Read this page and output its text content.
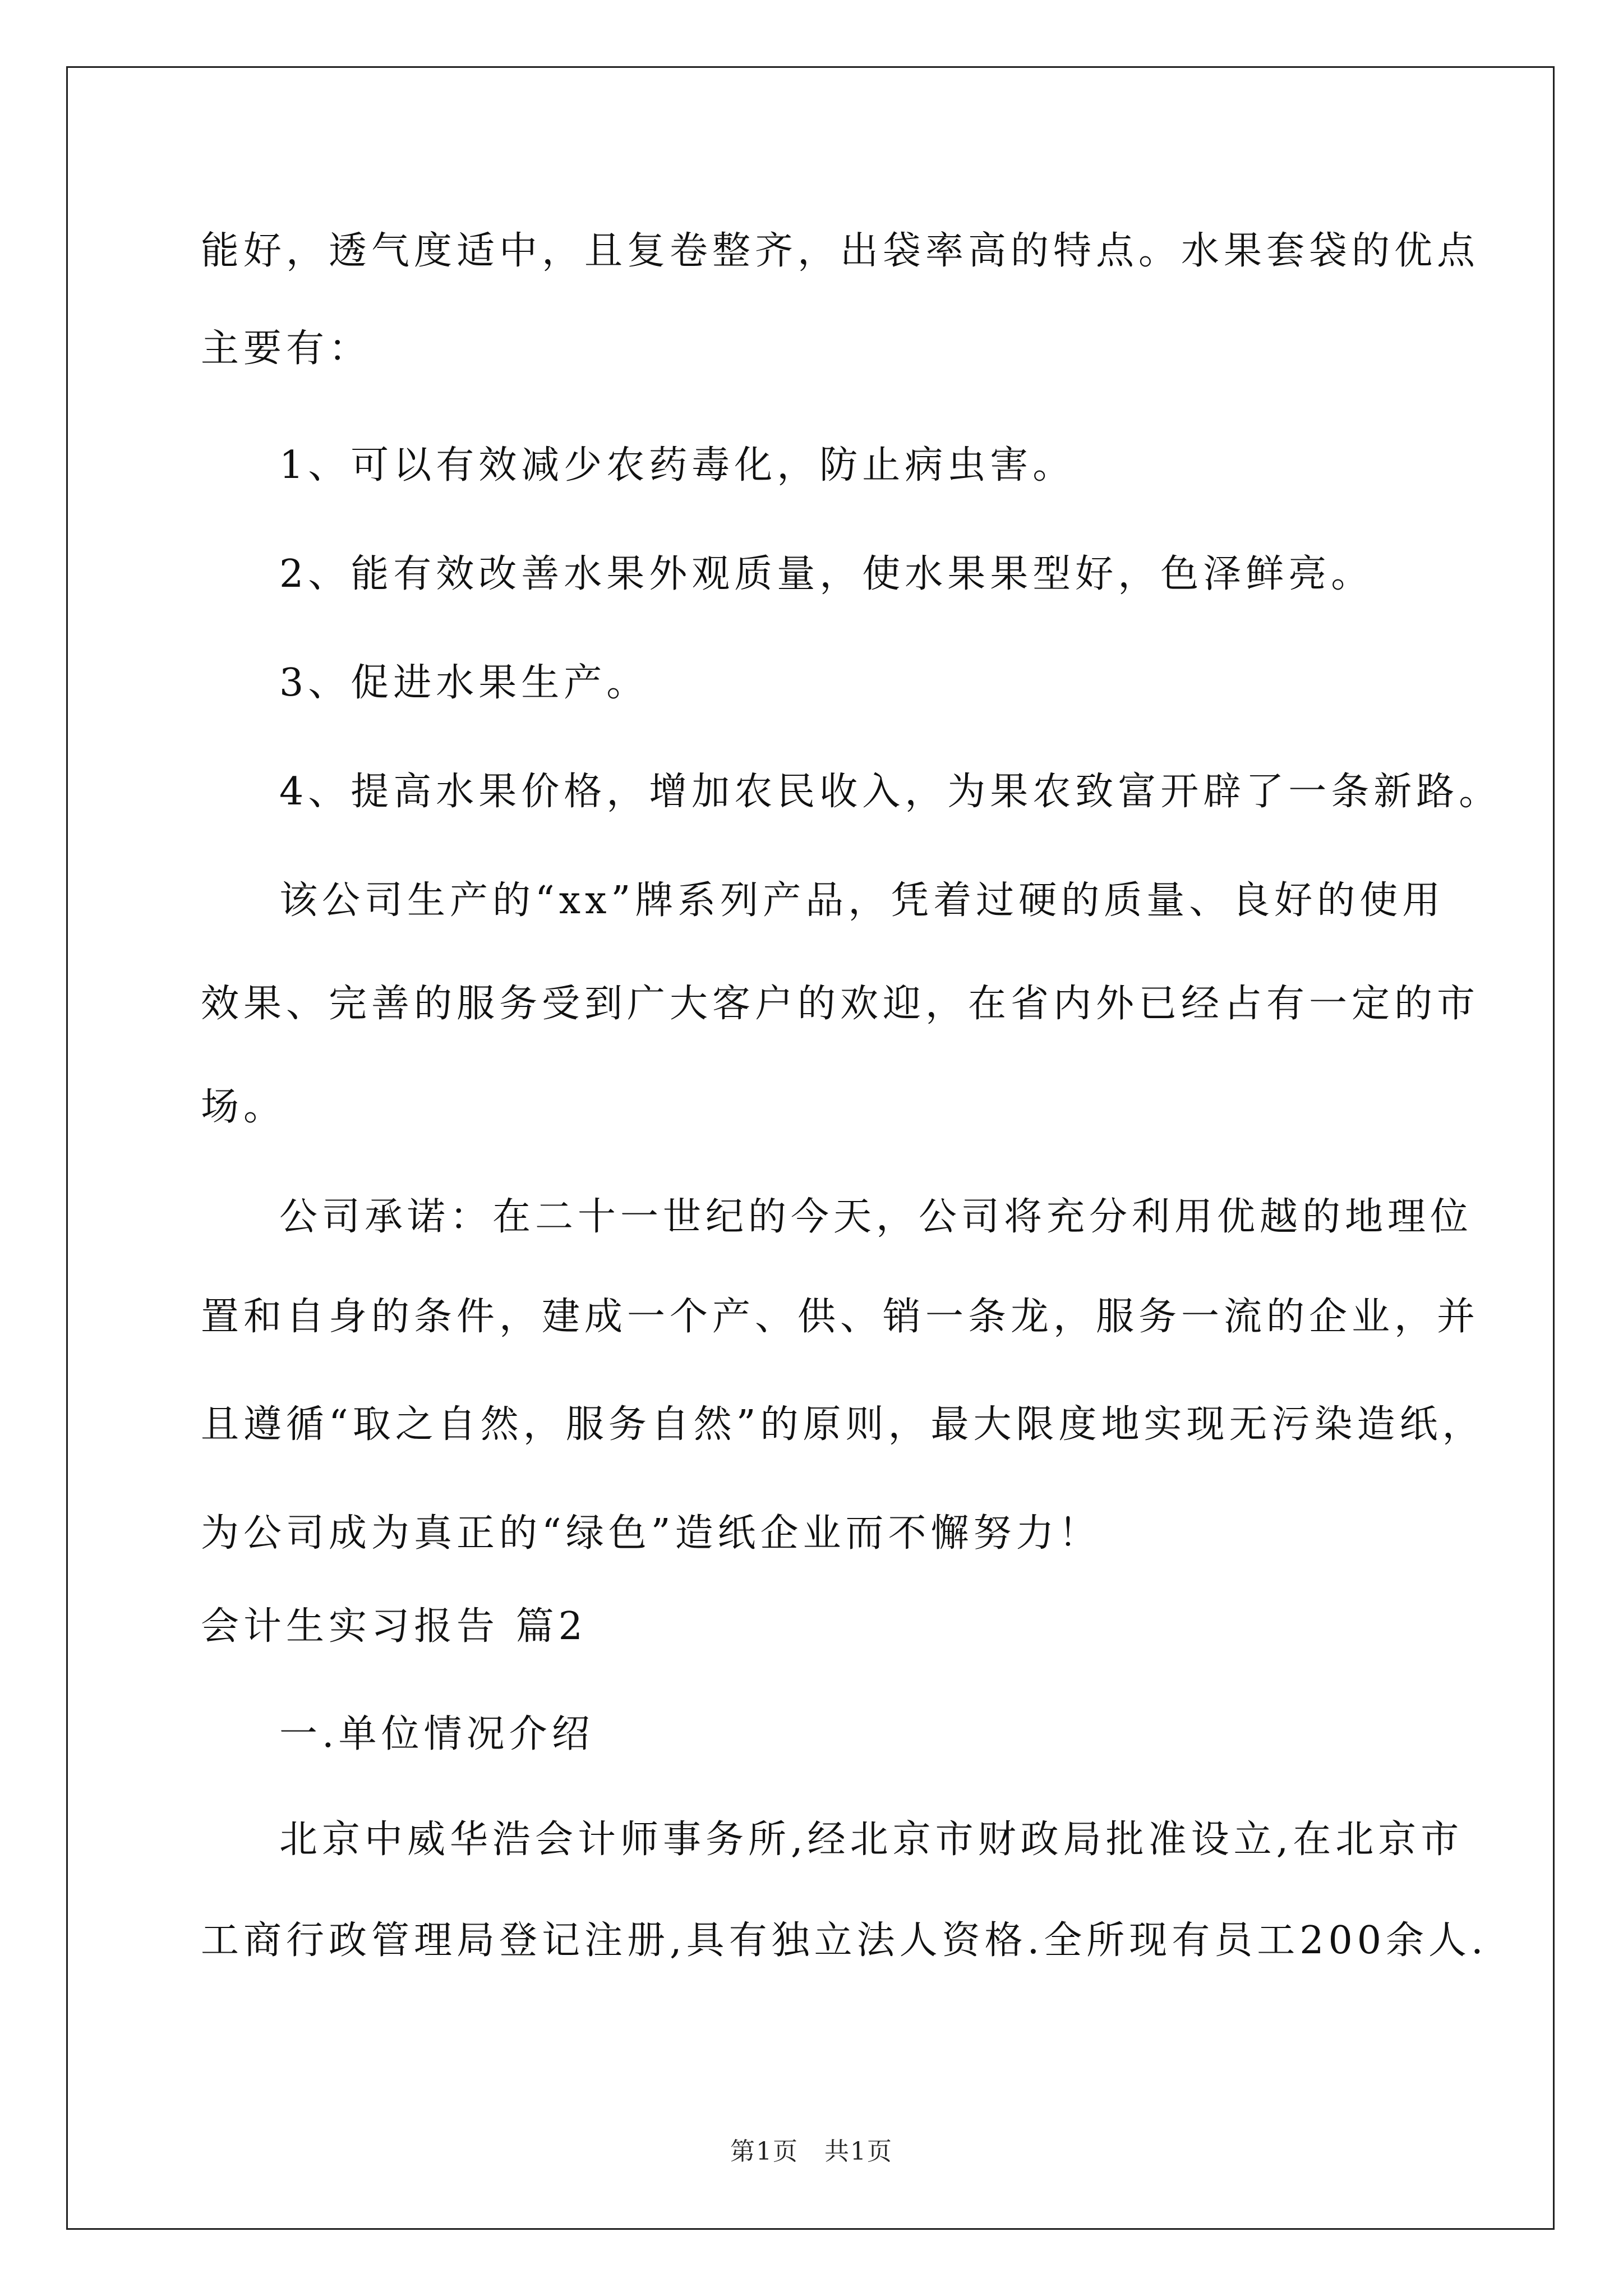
能好，透气度适中，且复卷整齐，出袋率高的特点。水果套袋的优点
主要有：
1、可以有效减少农药毒化，防止病虫害。
2、能有效改善水果外观质量，使水果果型好，色泽鲜亮。
3、促进水果生产。
4、提高水果价格，增加农民收入，为果农致富开辟了一条新路。
该公司生产的“xx”牌系列产品，凭着过硬的质量、良好的使用
效果、完善的服务受到广大客户的欢迎，在省内外已经占有一定的市
场。
公司承诺：在二十一世纪的今天，公司将充分利用优越的地理位
置和自身的条件，建成一个产、供、销一条龙，服务一流的企业，并
且遵循“取之自然，服务自然”的原则，最大限度地实现无污染造纸，
为公司成为真正的“绿色”造纸企业而不懈努力！
会计生实习报告 篇2
一.单位情况介绍
北京中威华浩会计师事务所,经北京市财政局批准设立,在北京市
工商行政管理局登记注册,具有独立法人资格.全所现有员工200余人.
第1页　共1页
